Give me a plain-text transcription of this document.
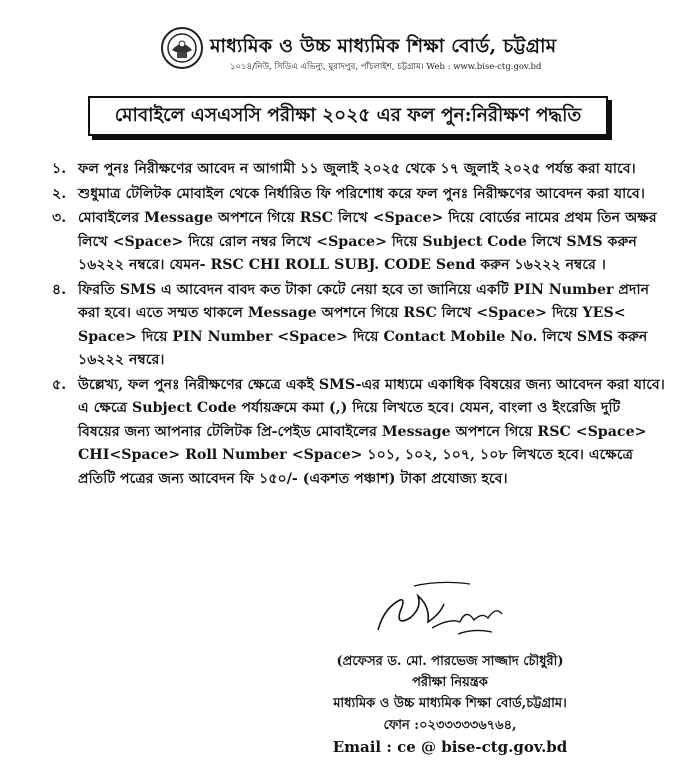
মাধ্যমিক ও উচ্চ মাধ্যমিক শিক্ষা বোর্ড, চট্টগ্রাম
১০১৪/নিউ, সিডিএ এভিন্যু, মুরাদপুর, পাঁচলাইশ, চট্টগ্রাম। Web : www.bise-ctg.gov.bd
মোবাইলে এসএসসি পরীক্ষা ২০২৫ এর ফল পুন:নিরীক্ষণ পদ্ধতি
১. ফল পুনঃ নিরীক্ষণের আবেদ ন আগামী ১১ জুলাই ২০২৫ থেকে ১৭ জুলাই ২০২৫ পর্যন্ত করা যাবে।
২. শুধুমাত্র টেলিটক মোবাইল থেকে নির্ধারিত ফি পরিশোধ করে ফল পুনঃ নিরীক্ষণের আবেদন করা যাবে।
৩. মোবাইলের Message অপশনে গিয়ে RSC লিখে <Space> দিয়ে বোর্ডের নামের প্রথম তিন অক্ষর লিখে <Space> দিয়ে রোল নম্বর লিখে <Space> দিয়ে Subject Code লিখে SMS করুন ১৬২২২ নম্বরে। যেমন- RSC CHI ROLL SUBJ. CODE Send করুন ১৬২২২ নম্বরে ।
৪. ফিরতি SMS এ আবেদন বাবদ কত টাকা কেটে নেয়া হবে তা জানিয়ে একটি PIN Number প্রদান করা হবে। এতে সম্মত থাকলে Message অপশনে গিয়ে RSC লিখে <Space> দিয়ে YES< Space> দিয়ে PIN Number <Space> দিয়ে Contact Mobile No. লিখে SMS করুন ১৬২২২ নম্বরে।
৫. উল্লেখ্য, ফল পুনঃ নিরীক্ষণের ক্ষেত্রে একই SMS-এর মাধ্যমে একাধিক বিষয়ের জন্য আবেদন করা যাবে। এ ক্ষেত্রে Subject Code পর্যায়ক্রমে কমা (,) দিয়ে লিখতে হবে। যেমন, বাংলা ও ইংরেজি দুটি বিষয়ের জন্য আপনার টেলিটক প্রি-পেইড মোবাইলের Message অপশনে গিয়ে RSC <Space> CHI<Space> Roll Number <Space> ১০১, ১০২, ১০৭, ১০৮ লিখতে হবে। এক্ষেত্রে প্রতিটি পত্রের জন্য আবেদন ফি ১৫০/- (একশত পঞ্চাশ) টাকা প্রযোজ্য হবে।
(প্রফেসর ড. মো. পারভেজ সাজ্জাদ চৌধুরী)
পরীক্ষা নিয়ন্ত্রক
মাধ্যমিক ও উচ্চ মাধ্যমিক শিক্ষা বোর্ড,চট্টগ্রাম।
ফোন :০২৩৩৩৩৩৬৭৬৪,
Email : ce @ bise-ctg.gov.bd
